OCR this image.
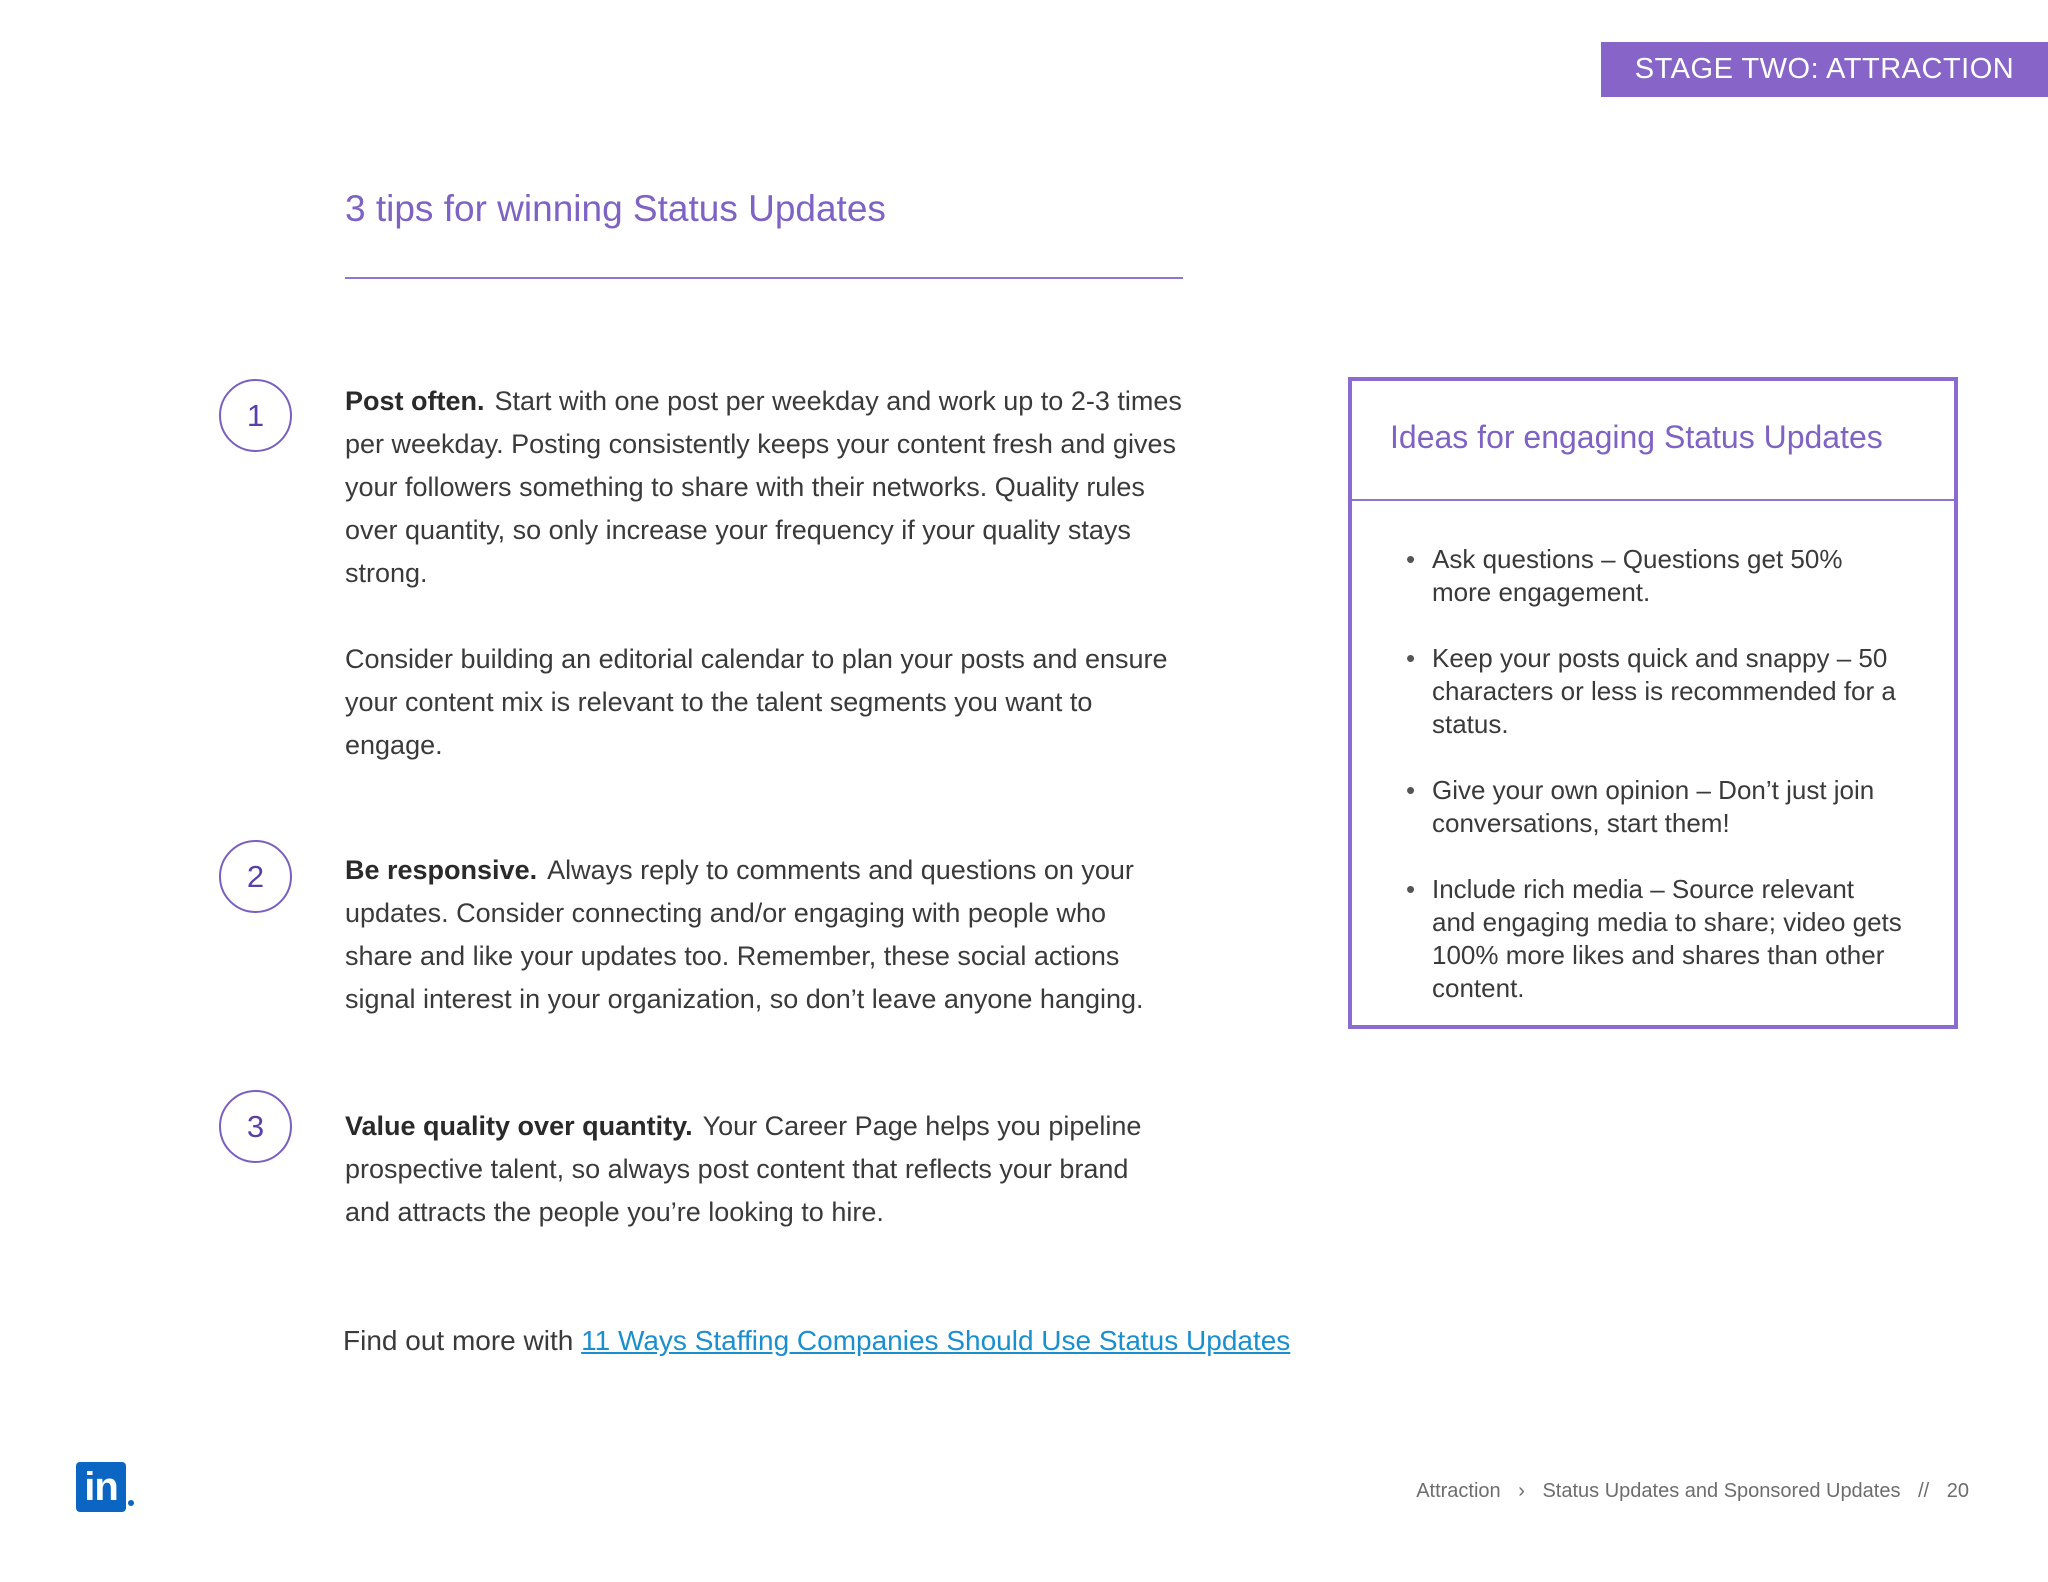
STAGE TWO: ATTRACTION
3 tips for winning Status Updates
1	Post often. Start with one post per weekday and work up to 2-3 times per weekday. Posting consistently keeps your content fresh and gives your followers something to share with their networks. Quality rules over quantity, so only increase your frequency if your quality stays strong.
Consider building an editorial calendar to plan your posts and ensure your content mix is relevant to the talent segments you want to engage.
2	Be responsive. Always reply to comments and questions on your updates. Consider connecting and/or engaging with people who share and like your updates too. Remember, these social actions signal interest in your organization, so don’t leave anyone hanging.
3	Value quality over quantity. Your Career Page helps you pipeline prospective talent, so always post content that reflects your brand and attracts the people you’re looking to hire.
Find out more with 11 Ways Staffing Companies Should Use Status Updates
Ideas for engaging Status Updates
• Ask questions – Questions get 50% more engagement.
• Keep your posts quick and snappy – 50 characters or less is recommended for a status.
• Give your own opinion – Don’t just join conversations, start them!
• Include rich media – Source relevant and engaging media to share; video gets 100% more likes and shares than other content.
in	Attraction › Status Updates and Sponsored Updates // 20
